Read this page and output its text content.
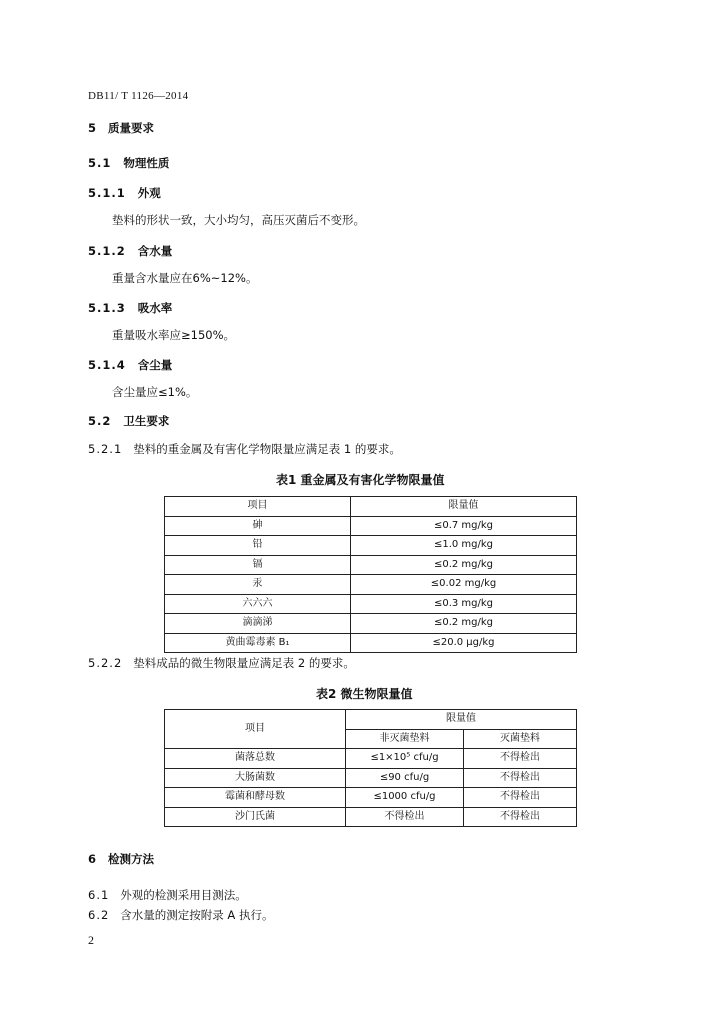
DB11/ T 1126—2014
5 质量要求
5.1 物理性质
5.1.1 外观
垫料的形状一致，大小均匀，高压灭菌后不变形。
5.1.2 含水量
重量含水量应在6%~12%。
5.1.3 吸水率
重量吸水率应≥150%。
5.1.4 含尘量
含尘量应≤1%。
5.2 卫生要求
5.2.1 垫料的重金属及有害化学物限量应满足表 1 的要求。
表1 重金属及有害化学物限量值
项目	限量值
砷	≤0.7 mg/kg
铅	≤1.0 mg/kg
镉	≤0.2 mg/kg
汞	≤0.02 mg/kg
六六六	≤0.3 mg/kg
滴滴涕	≤0.2 mg/kg
黄曲霉毒素 B₁	≤20.0 μg/kg
5.2.2 垫料成品的微生物限量应满足表 2 的要求。
表2 微生物限量值
项目	限量值	
	非灭菌垫料	灭菌垫料
菌落总数	≤1×10⁵ cfu/g	不得检出
大肠菌数	≤90 cfu/g	不得检出
霉菌和酵母数	≤1000 cfu/g	不得检出
沙门氏菌	不得检出	不得检出
6 检测方法
6.1 外观的检测采用目测法。
6.2 含水量的测定按附录 A 执行。
2
